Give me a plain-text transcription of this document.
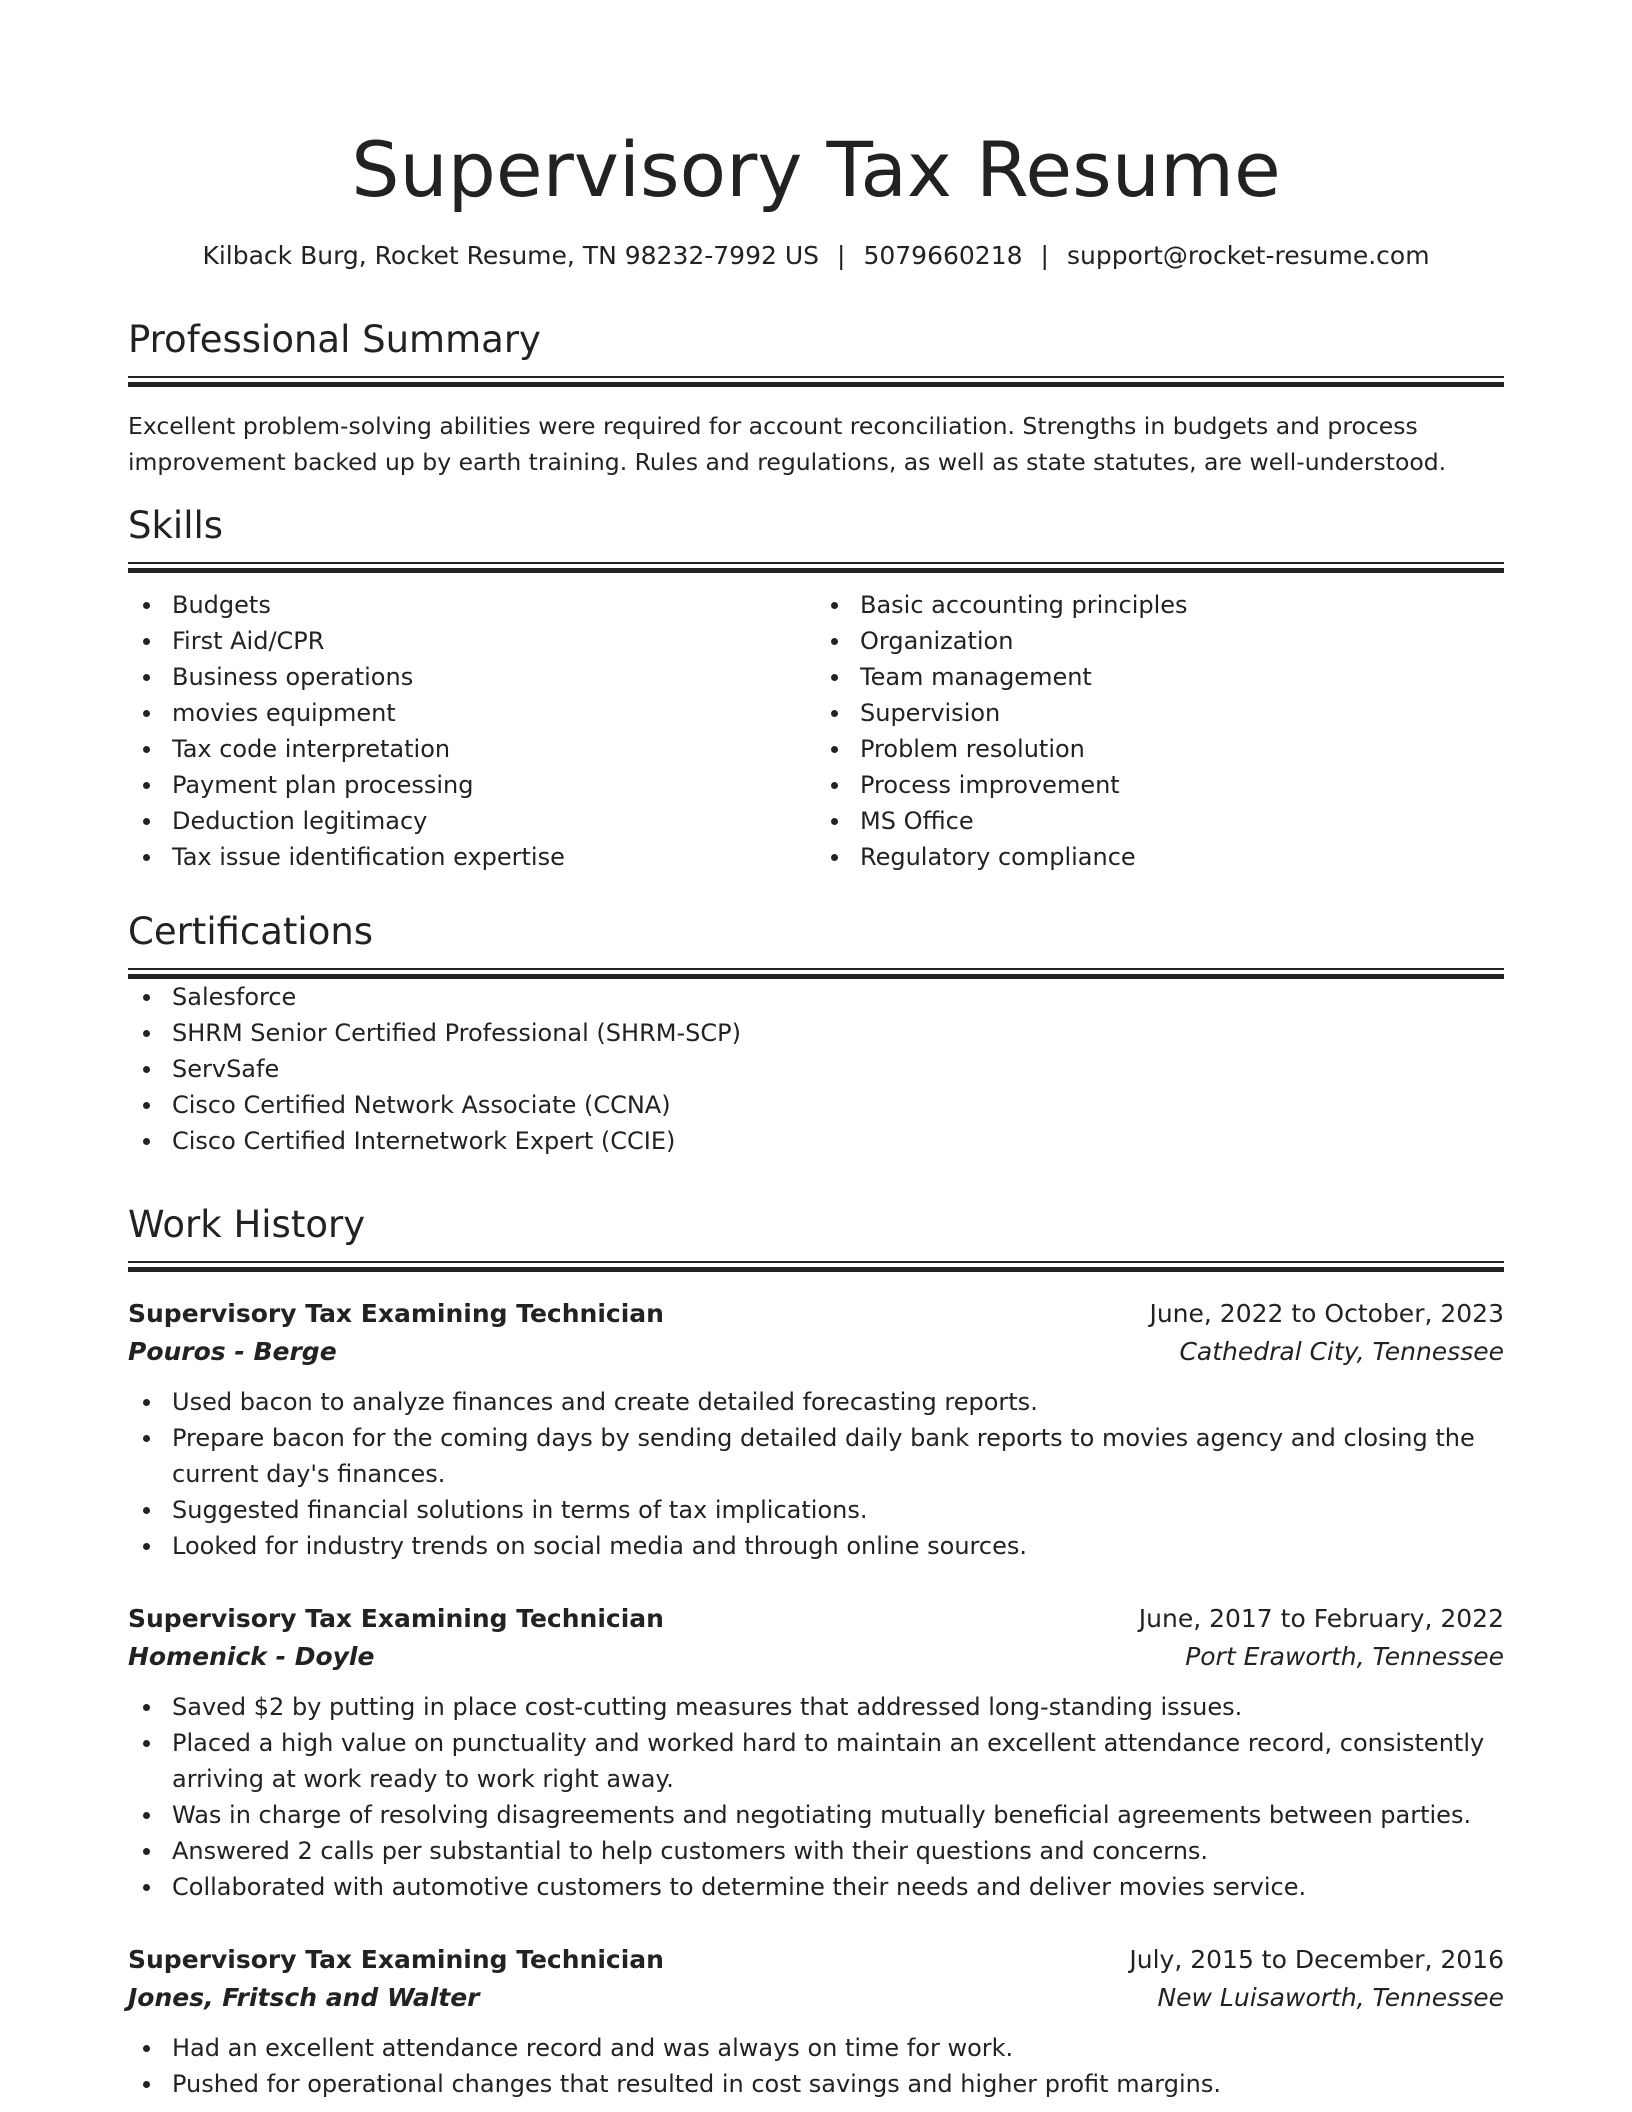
Supervisory Tax Resume
Kilback Burg, Rocket Resume, TN 98232-7992 US | 5079660218 | support@rocket-resume.com
Professional Summary

Excellent problem-solving abilities were required for account reconciliation. Strengths in budgets and process improvement backed up by earth training. Rules and regulations, as well as state statutes, are well-understood.

Skills
Budgets
First Aid/CPR
Business operations
movies equipment
Tax code interpretation
Payment plan processing
Deduction legitimacy
Tax issue identification expertise
Basic accounting principles
Organization
Team management
Supervision
Problem resolution
Process improvement
MS Office
Regulatory compliance
Certifications
Salesforce
SHRM Senior Certified Professional (SHRM-SCP)
ServSafe
Cisco Certified Network Associate (CCNA)
Cisco Certified Internetwork Expert (CCIE)
Work History
Supervisory Tax Examining Technician	June, 2022 to October, 2023
Pouros - Berge	Cathedral City, Tennessee
Used bacon to analyze finances and create detailed forecasting reports.
Prepare bacon for the coming days by sending detailed daily bank reports to movies agency and closing the current day's finances.
Suggested financial solutions in terms of tax implications.
Looked for industry trends on social media and through online sources.
Supervisory Tax Examining Technician	June, 2017 to February, 2022
Homenick - Doyle	Port Eraworth, Tennessee
Saved $2 by putting in place cost-cutting measures that addressed long-standing issues.
Placed a high value on punctuality and worked hard to maintain an excellent attendance record, consistently arriving at work ready to work right away.
Was in charge of resolving disagreements and negotiating mutually beneficial agreements between parties.
Answered 2 calls per substantial to help customers with their questions and concerns.
Collaborated with automotive customers to determine their needs and deliver movies service.
Supervisory Tax Examining Technician	July, 2015 to December, 2016
Jones, Fritsch and Walter	New Luisaworth, Tennessee
Had an excellent attendance record and was always on time for work.
Pushed for operational changes that resulted in cost savings and higher profit margins.
